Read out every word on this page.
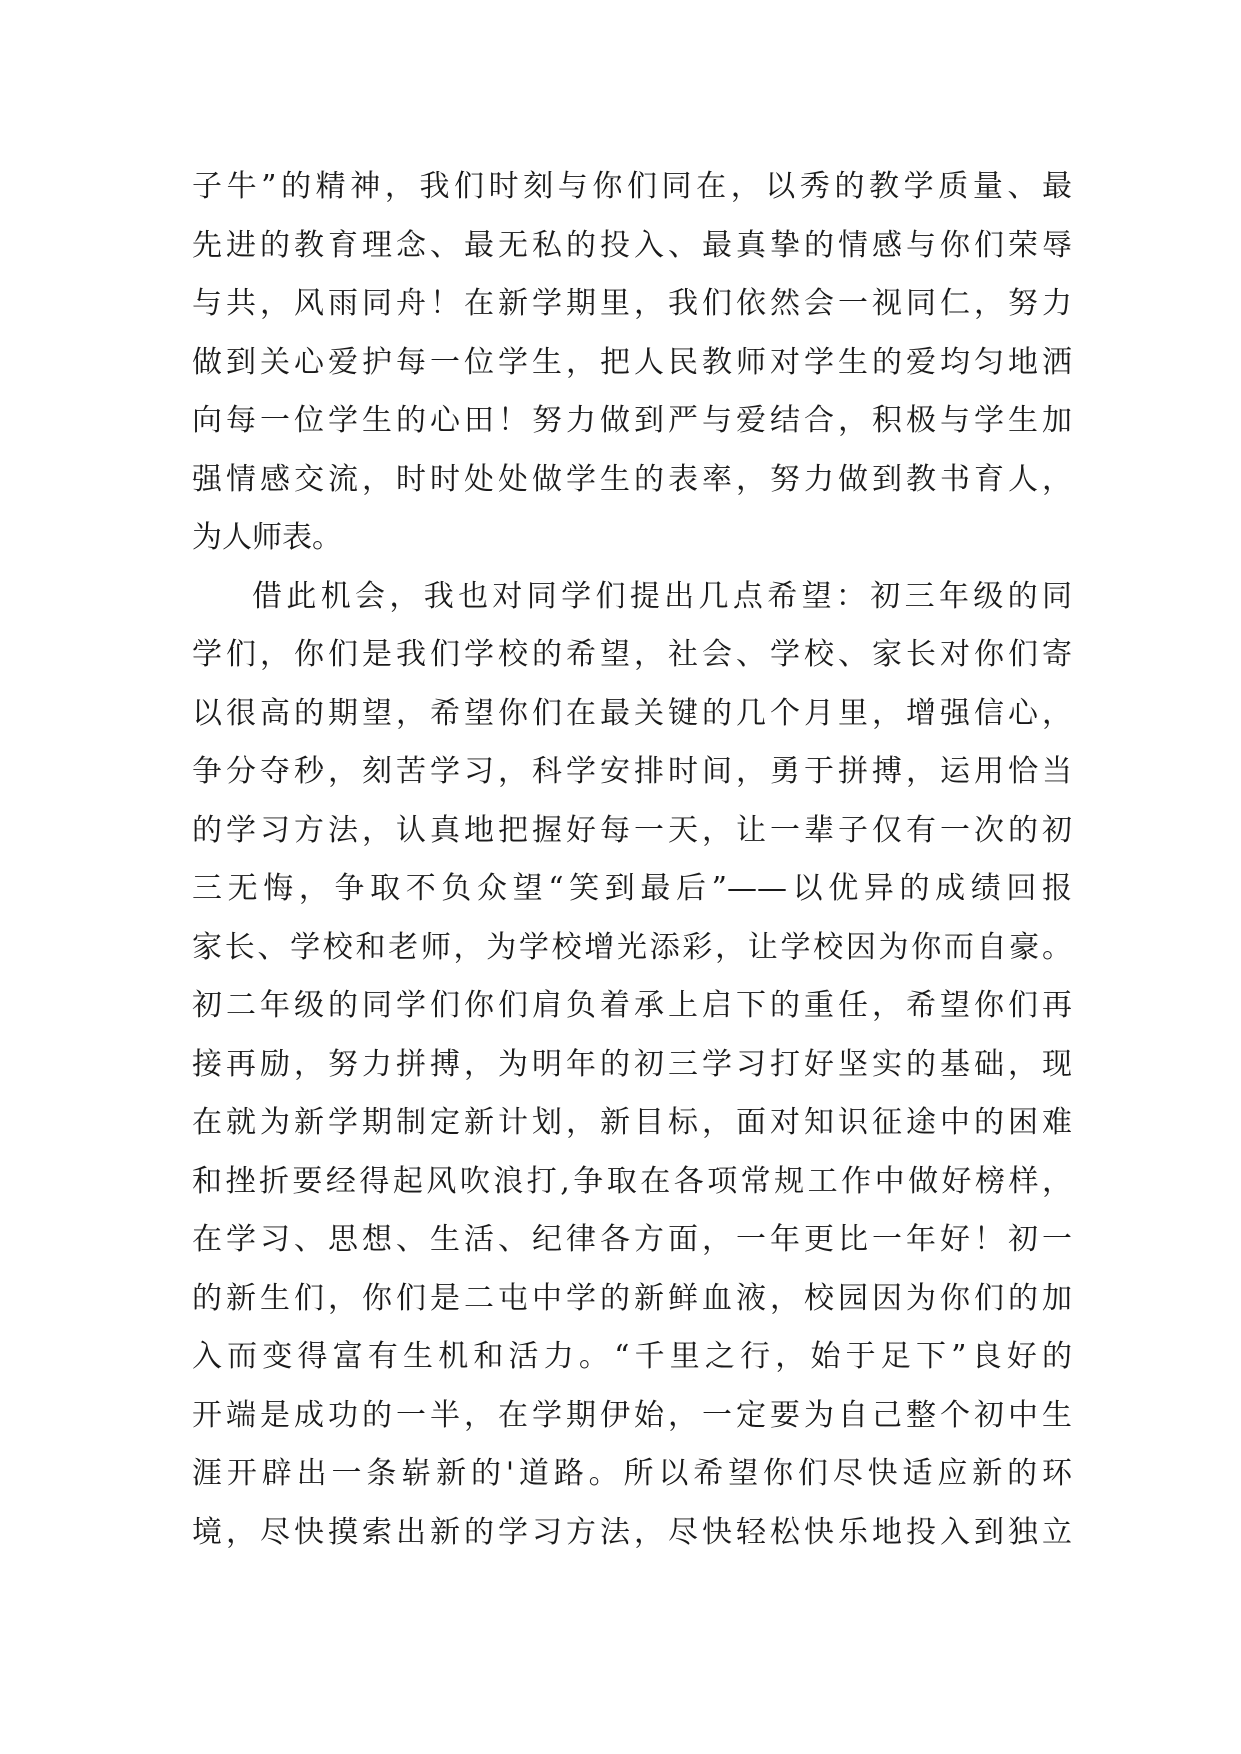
子牛”的精神，我们时刻与你们同在，以秀的教学质量、最
先进的教育理念、最无私的投入、最真挚的情感与你们荣辱
与共，风雨同舟！在新学期里，我们依然会一视同仁，努力
做到关心爱护每一位学生，把人民教师对学生的爱均匀地洒
向每一位学生的心田！努力做到严与爱结合，积极与学生加
强情感交流，时时处处做学生的表率，努力做到教书育人，
为人师表。
借此机会，我也对同学们提出几点希望：初三年级的同
学们，你们是我们学校的希望，社会、学校、家长对你们寄
以很高的期望，希望你们在最关键的几个月里，增强信心，
争分夺秒，刻苦学习，科学安排时间，勇于拼搏，运用恰当
的学习方法，认真地把握好每一天，让一辈子仅有一次的初
三无悔，争取不负众望“笑到最后”——以优异的成绩回报
家长、学校和老师，为学校增光添彩，让学校因为你而自豪。
初二年级的同学们你们肩负着承上启下的重任，希望你们再
接再励，努力拼搏，为明年的初三学习打好坚实的基础，现
在就为新学期制定新计划，新目标，面对知识征途中的困难
和挫折要经得起风吹浪打,争取在各项常规工作中做好榜样，
在学习、思想、生活、纪律各方面，一年更比一年好！初一
的新生们，你们是二屯中学的新鲜血液，校园因为你们的加
入而变得富有生机和活力。“千里之行，始于足下”良好的
开端是成功的一半，在学期伊始，一定要为自己整个初中生
涯开辟出一条崭新的'道路。所以希望你们尽快适应新的环
境，尽快摸索出新的学习方法，尽快轻松快乐地投入到独立
